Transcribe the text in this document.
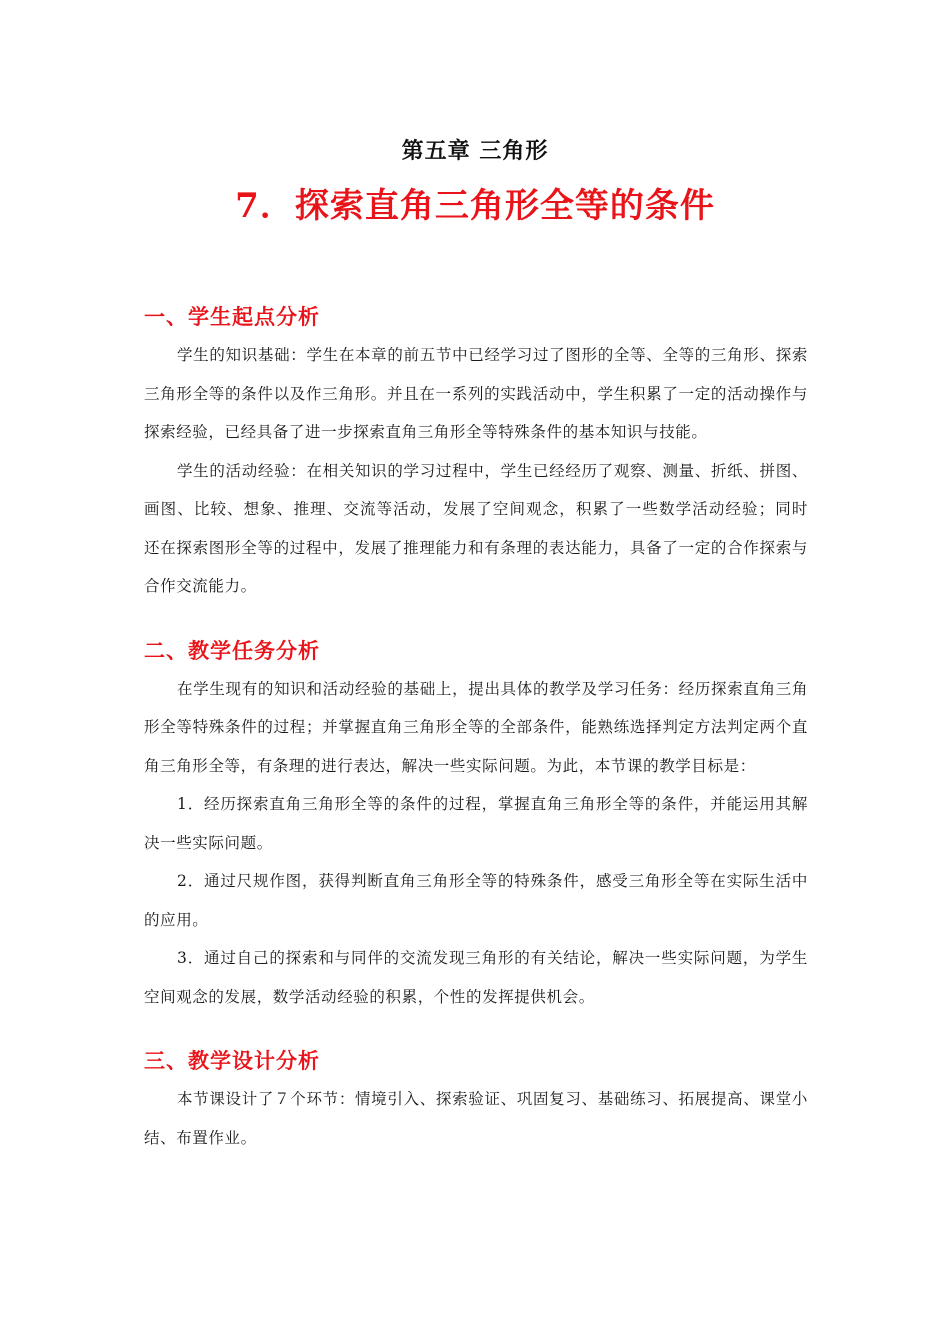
第五章 三角形
7．探索直角三角形全等的条件
一、学生起点分析

学生的知识基础：学生在本章的前五节中已经学习过了图形的全等、全等的三角形、探索三角形全等的条件以及作三角形。并且在一系列的实践活动中，学生积累了一定的活动操作与探索经验，已经具备了进一步探索直角三角形全等特殊条件的基本知识与技能。

学生的活动经验：在相关知识的学习过程中，学生已经经历了观察、测量、折纸、拼图、画图、比较、想象、推理、交流等活动，发展了空间观念，积累了一些数学活动经验；同时 还在探索图形全等的过程中，发展了推理能力和有条理的表达能力，具备了一定的合作探索与合作交流能力。

二、教学任务分析

在学生现有的知识和活动经验的基础上，提出具体的教学及学习任务：经历探索直角三角形全等特殊条件的过程；并掌握直角三角形全等的全部条件，能熟练选择判定方法判定两个直角三角形全等，有条理的进行表达，解决一些实际问题。为此，本节课的教学目标是：

1．经历探索直角三角形全等的条件的过程，掌握直角三角形全等的条件，并能运用其解决一些实际问题。

2．通过尺规作图，获得判断直角三角形全等的特殊条件，感受三角形全等在实际生活中的应用。

3．通过自己的探索和与同伴的交流发现三角形的有关结论，解决一些实际问题，为学生空间观念的发展，数学活动经验的积累，个性的发挥提供机会。

三、教学设计分析

本节课设计了７个环节：情境引入、探索验证、巩固复习、基础练习、拓展提高、课堂小结、布置作业。
